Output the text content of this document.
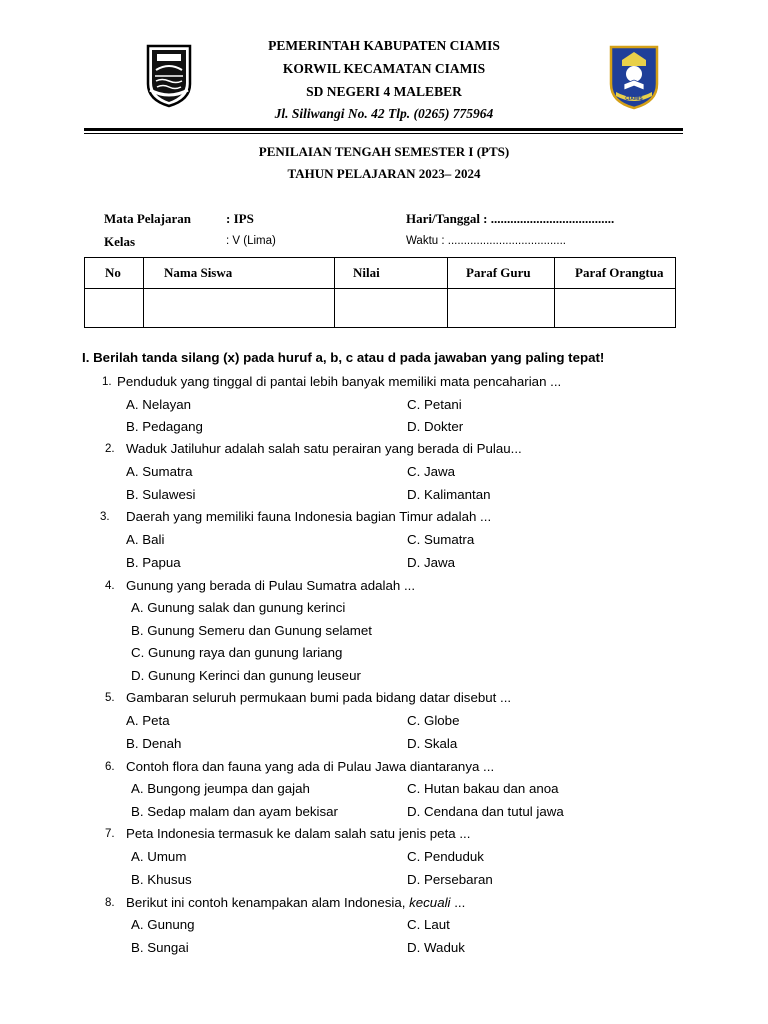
CIAMIS
PEMERINTAH KABUPATEN CIAMIS
KORWIL KECAMATAN CIAMIS
SD NEGERI 4 MALEBER
Jl. Siliwangi No. 42 Tlp. (0265) 775964
PENILAIAN TENGAH SEMESTER I (PTS)
TAHUN PELAJARAN 2023– 2024
Mata Pelajaran	: IPS	Hari/Tanggal : ......................................
Kelas	: V (Lima)	Waktu : .....................................
No	Nama Siswa	Nilai	Paraf Guru	Paraf Orangtua

I. Berilah tanda silang (x) pada huruf a, b, c atau d pada jawaban yang paling tepat!
1. Penduduk yang tinggal di pantai lebih banyak memiliki mata pencaharian ...
A. Nelayan	C. Petani
B. Pedagang	D. Dokter
2. Waduk Jatiluhur adalah salah satu perairan yang berada di Pulau...
A. Sumatra	C. Jawa
B. Sulawesi	D. Kalimantan
3. Daerah yang memiliki fauna Indonesia bagian Timur adalah ...
A. Bali	C. Sumatra
B. Papua	D. Jawa
4. Gunung yang berada di Pulau Sumatra adalah ...
A. Gunung salak dan gunung kerinci
B. Gunung Semeru dan Gunung selamet
C. Gunung raya dan gunung lariang
D. Gunung Kerinci dan gunung leuseur
5. Gambaran seluruh permukaan bumi pada bidang datar disebut ...
A. Peta	C. Globe
B. Denah	D. Skala
6. Contoh flora dan fauna yang ada di Pulau Jawa diantaranya ...
A. Bungong jeumpa dan gajah	C. Hutan bakau dan anoa
B. Sedap malam dan ayam bekisar	D. Cendana dan tutul jawa
7. Peta Indonesia termasuk ke dalam salah satu jenis peta ...
A. Umum	C. Penduduk
B. Khusus	D. Persebaran
8. Berikut ini contoh kenampakan alam Indonesia, kecuali ...
A. Gunung	C. Laut
B. Sungai	D. Waduk
